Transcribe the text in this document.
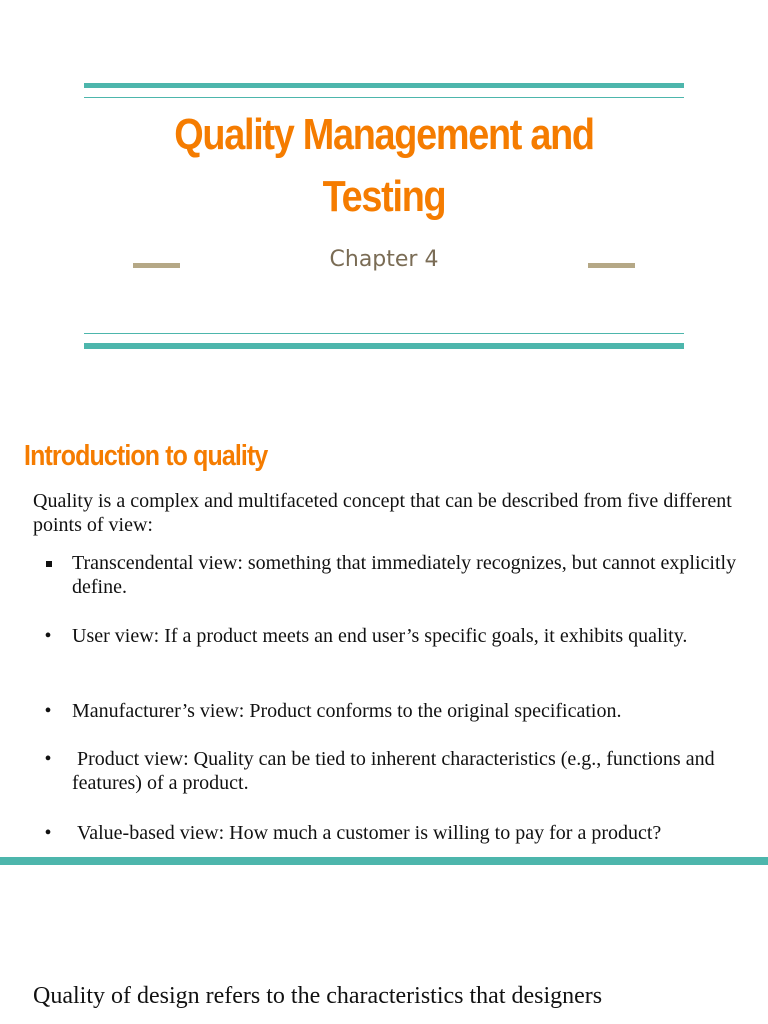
Quality Management and Testing
Chapter 4
Introduction to quality

Quality is a complex and multifaceted concept that can be described from five different points of view:

Transcendental view: something that immediately recognizes, but cannot explicitly define.
• User view: If a product meets an end user’s specific goals, it exhibits quality.
• Manufacturer’s view: Product conforms to the original specification.
• Product view: Quality can be tied to inherent characteristics (e.g., functions and features) of a product.
• Value-based view: How much a customer is willing to pay for a product?

Quality of design refers to the characteristics that designers
